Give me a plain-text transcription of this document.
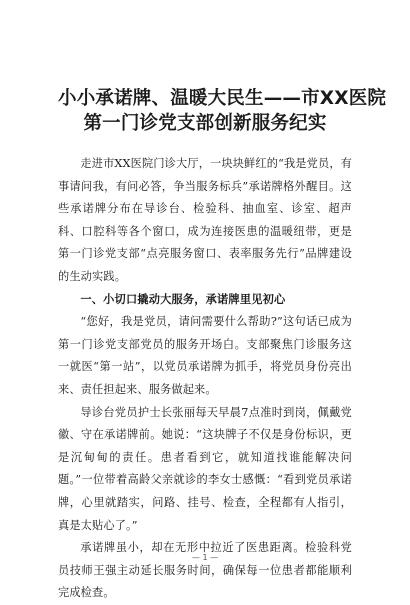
小小承诺牌、温暖大民生——市XX医院

第一门诊党支部创新服务纪实

走进市XX医院门诊大厅，一块块鲜红的“我是党员，有事请问我，有问必答，争当服务标兵”承诺牌格外醒目。这些承诺牌分布在导诊台、检验科、抽血室、诊室、超声科、口腔科等各个窗口，成为连接医患的温暖纽带，更是第一门诊党支部“点亮服务窗口、表率服务先行”品牌建设的生动实践。

一、小切口撬动大服务，承诺牌里见初心

“您好，我是党员，请问需要什么帮助?”这句话已成为第一门诊党支部党员的服务开场白。支部聚焦门诊服务这一就医“第一站”，以党员承诺牌为抓手，将党员身份亮出来、责任担起来、服务做起来。

导诊台党员护士长张丽每天早晨7点准时到岗，佩戴党徽、守在承诺牌前。她说：“这块牌子不仅是身份标识，更是沉甸甸的责任。患者看到它，就知道找谁能解决问题。”一位带着高龄父亲就诊的李女士感慨：“看到党员承诺牌，心里就踏实，问路、挂号、检查，全程都有人指引，真是太贴心了。”

承诺牌虽小，却在无形中拉近了医患距离。检验科党员技师王强主动延长服务时间，确保每一位患者都能顺利完成检查。

— 1 —
